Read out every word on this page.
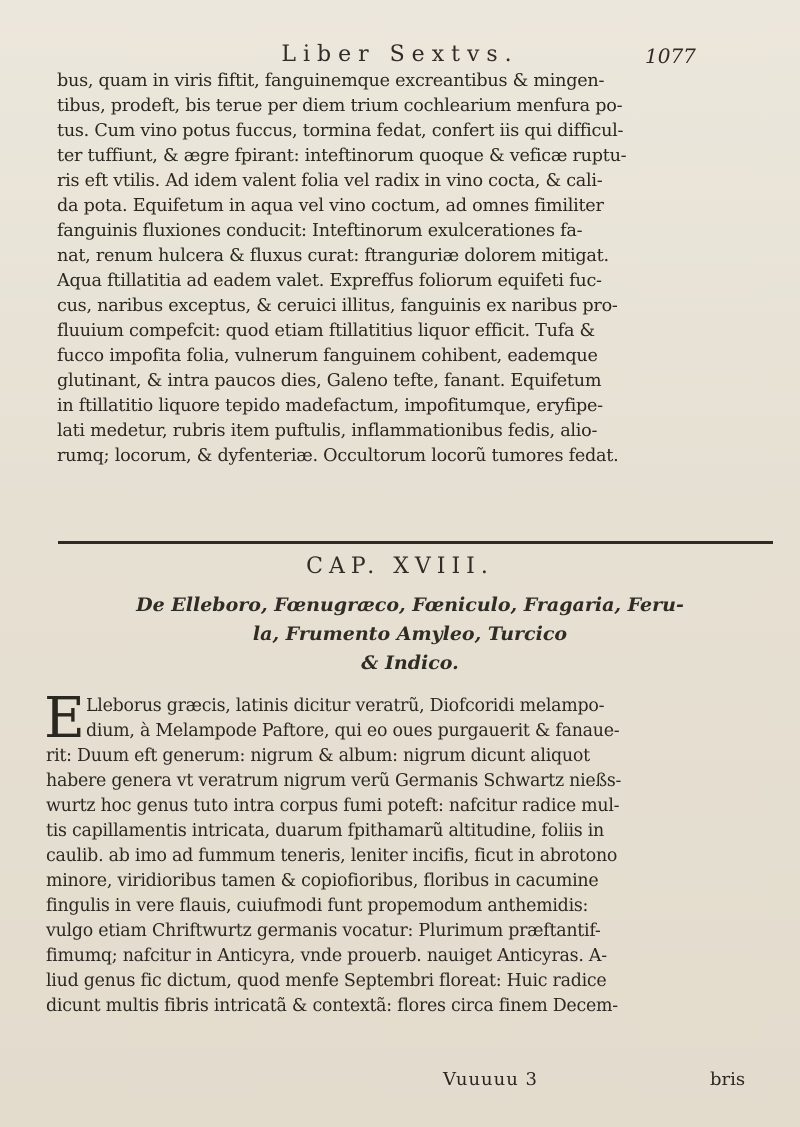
Liber Sextvs.	1077
bus, quam in viris fiftit, fanguinemque excreantibus & mingen-
tibus, prodeft, bis terue per diem trium cochlearium menfura po-
tus. Cum vino potus fuccus, tormina fedat, confert iis qui difficul-
ter tuffiunt, & ægre fpirant: inteftinorum quoque & veficæ ruptu-
ris eft vtilis. Ad idem valent folia vel radix in vino cocta, & cali-
da pota. Equifetum in aqua vel vino coctum, ad omnes fimiliter
fanguinis fluxiones conducit: Inteftinorum exulcerationes fa-
nat, renum hulcera & fluxus curat: ftranguriæ dolorem mitigat.
Aqua ftillatitia ad eadem valet. Expreffus foliorum equifeti fuc-
cus, naribus exceptus, & ceruici illitus, fanguinis ex naribus pro-
fluuium compefcit: quod etiam ftillatitius liquor efficit. Tufa &
fucco impofita folia, vulnerum fanguinem cohibent, eademque
glutinant, & intra paucos dies, Galeno tefte, fanant. Equifetum
in ftillatitio liquore tepido madefactum, impofitumque, eryfipe-
lati medetur, rubris item puftulis, inflammationibus fedis, alio-
rumq; locorum, & dyfenteriæ. Occultorum locorũ tumores fedat.
CAP. XVIII.
De Elleboro, Fœnugræco, Fœniculo, Fragaria, Feru-
la, Frumento Amyleo, Turcico
& Indico.
E Lleborus græcis, latinis dicitur veratrũ, Diofcoridi melampo-
dium, à Melampode Paftore, qui eo oues purgauerit & fanaue-
rit: Duum eft generum: nigrum & album: nigrum dicunt aliquot
habere genera vt veratrum nigrum verũ Germanis Schwartz nießs-
wurtz hoc genus tuto intra corpus fumi poteft: nafcitur radice mul-
tis capillamentis intricata, duarum fpithamarũ altitudine, foliis in
caulib. ab imo ad fummum teneris, leniter incifis, ficut in abrotono
minore, viridioribus tamen & copiofioribus, floribus in cacumine
fingulis in vere flauis, cuiufmodi funt propemodum anthemidis:
vulgo etiam Chriftwurtz germanis vocatur: Plurimum præftantif-
fimumq; nafcitur in Anticyra, vnde prouerb. nauiget Anticyras. A-
liud genus fic dictum, quod menfe Septembri floreat: Huic radice
dicunt multis fibris intricatã & contextã: flores circa finem Decem-
Vuuuuu 3	bris
